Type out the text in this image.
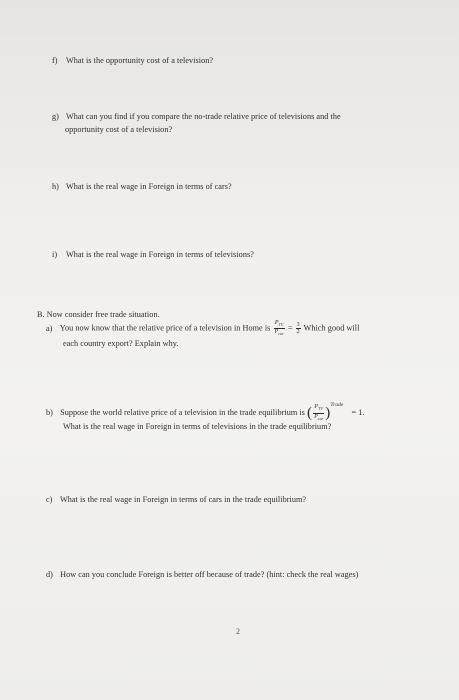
f) What is the opportunity cost of a television?
g) What can you find if you compare the no-trade relative price of televisions and the
opportunity cost of a television?
h) What is the real wage in Foreign in terms of cars?
i) What is the real wage in Foreign in terms of televisions?
B. Now consider free trade situation.
a) You now know that the relative price of a television in Home is $\frac{P_{TV}}{P_{car}} = \frac{3}{2}$ Which good will
each country export? Explain why.
b) Suppose the world relative price of a television in the trade equilibrium is ( $\frac{P_{TV}}{P_{car}} )^{Trade} = 1$.
What is the real wage in Foreign in terms of televisions in the trade equilibrium?
c) What is the real wage in Foreign in terms of cars in the trade equilibrium?
d) How can you conclude Foreign is better off because of trade? (hint: check the real wages)
2
